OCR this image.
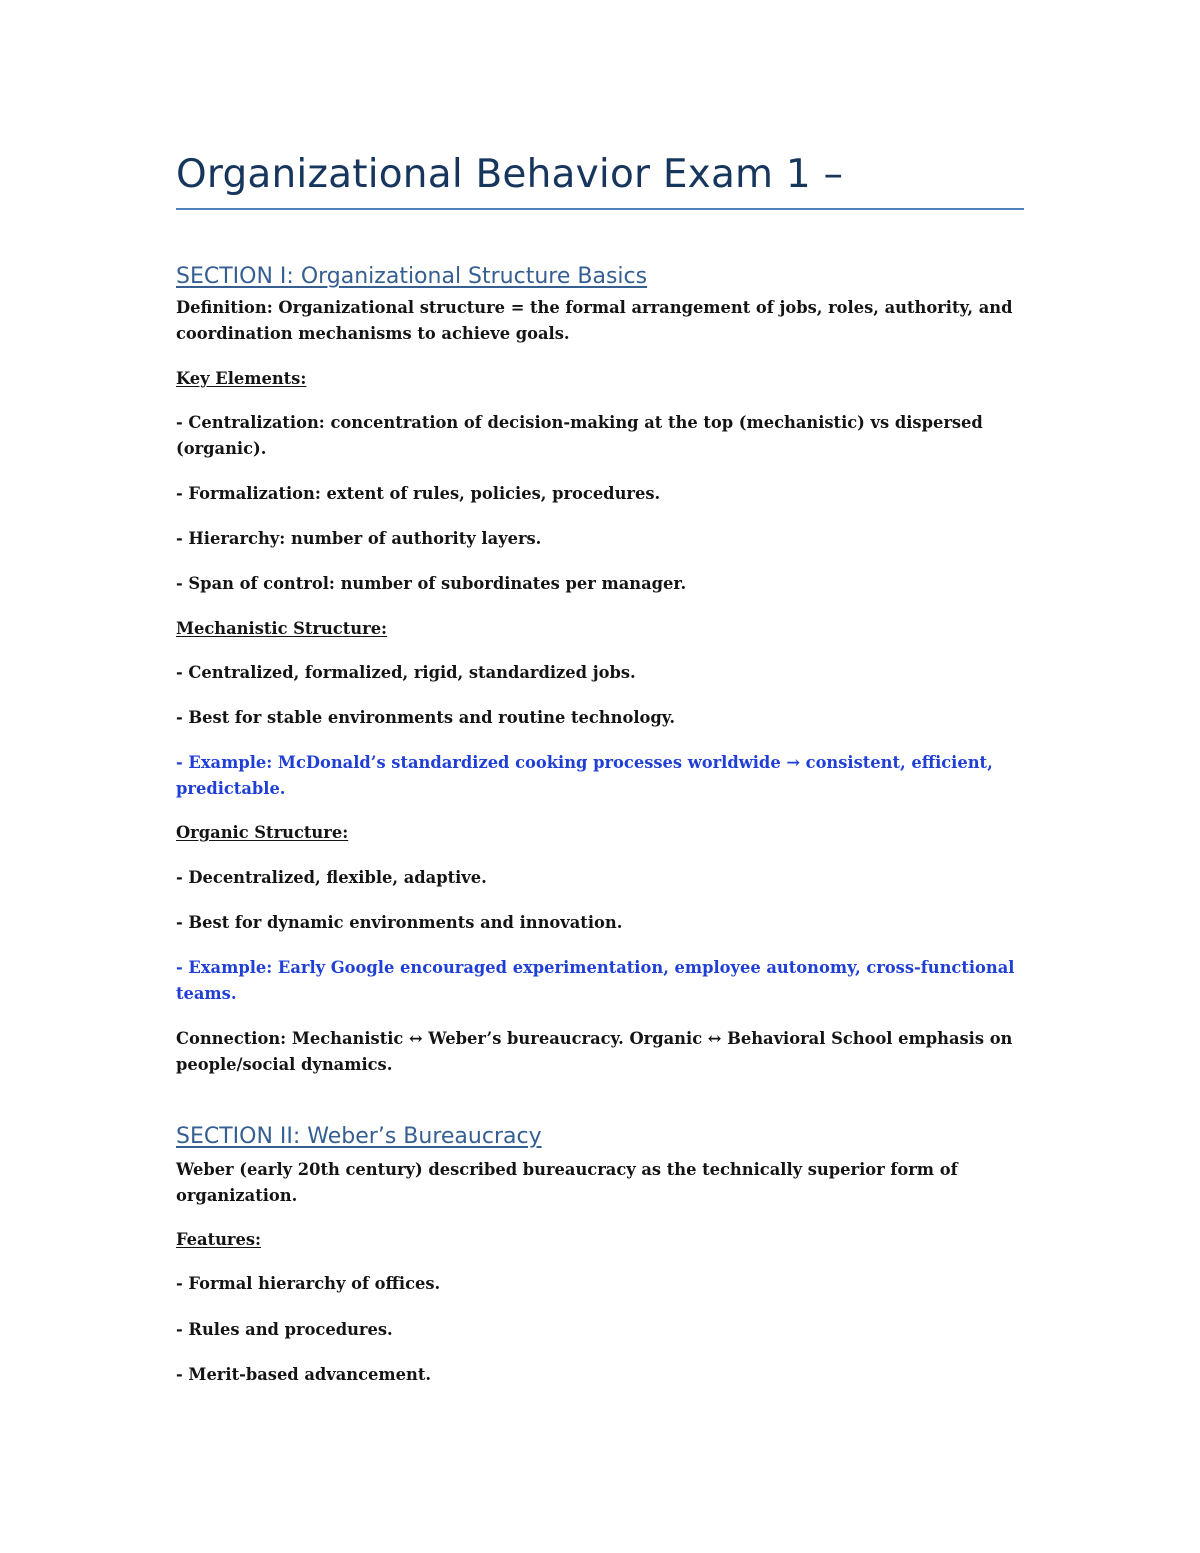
Organizational Behavior Exam 1 –
SECTION I: Organizational Structure Basics
Definition: Organizational structure = the formal arrangement of jobs, roles, authority, and
coordination mechanisms to achieve goals.
Key Elements:
- Centralization: concentration of decision-making at the top (mechanistic) vs dispersed
(organic).
- Formalization: extent of rules, policies, procedures.
- Hierarchy: number of authority layers.
- Span of control: number of subordinates per manager.
Mechanistic Structure:
- Centralized, formalized, rigid, standardized jobs.
- Best for stable environments and routine technology.
- Example: McDonald’s standardized cooking processes worldwide → consistent, efficient,
predictable.
Organic Structure:
- Decentralized, flexible, adaptive.
- Best for dynamic environments and innovation.
- Example: Early Google encouraged experimentation, employee autonomy, cross-functional
teams.
Connection: Mechanistic ↔ Weber’s bureaucracy. Organic ↔ Behavioral School emphasis on
people/social dynamics.
SECTION II: Weber’s Bureaucracy
Weber (early 20th century) described bureaucracy as the technically superior form of
organization.
Features:
- Formal hierarchy of offices.
- Rules and procedures.
- Merit-based advancement.
